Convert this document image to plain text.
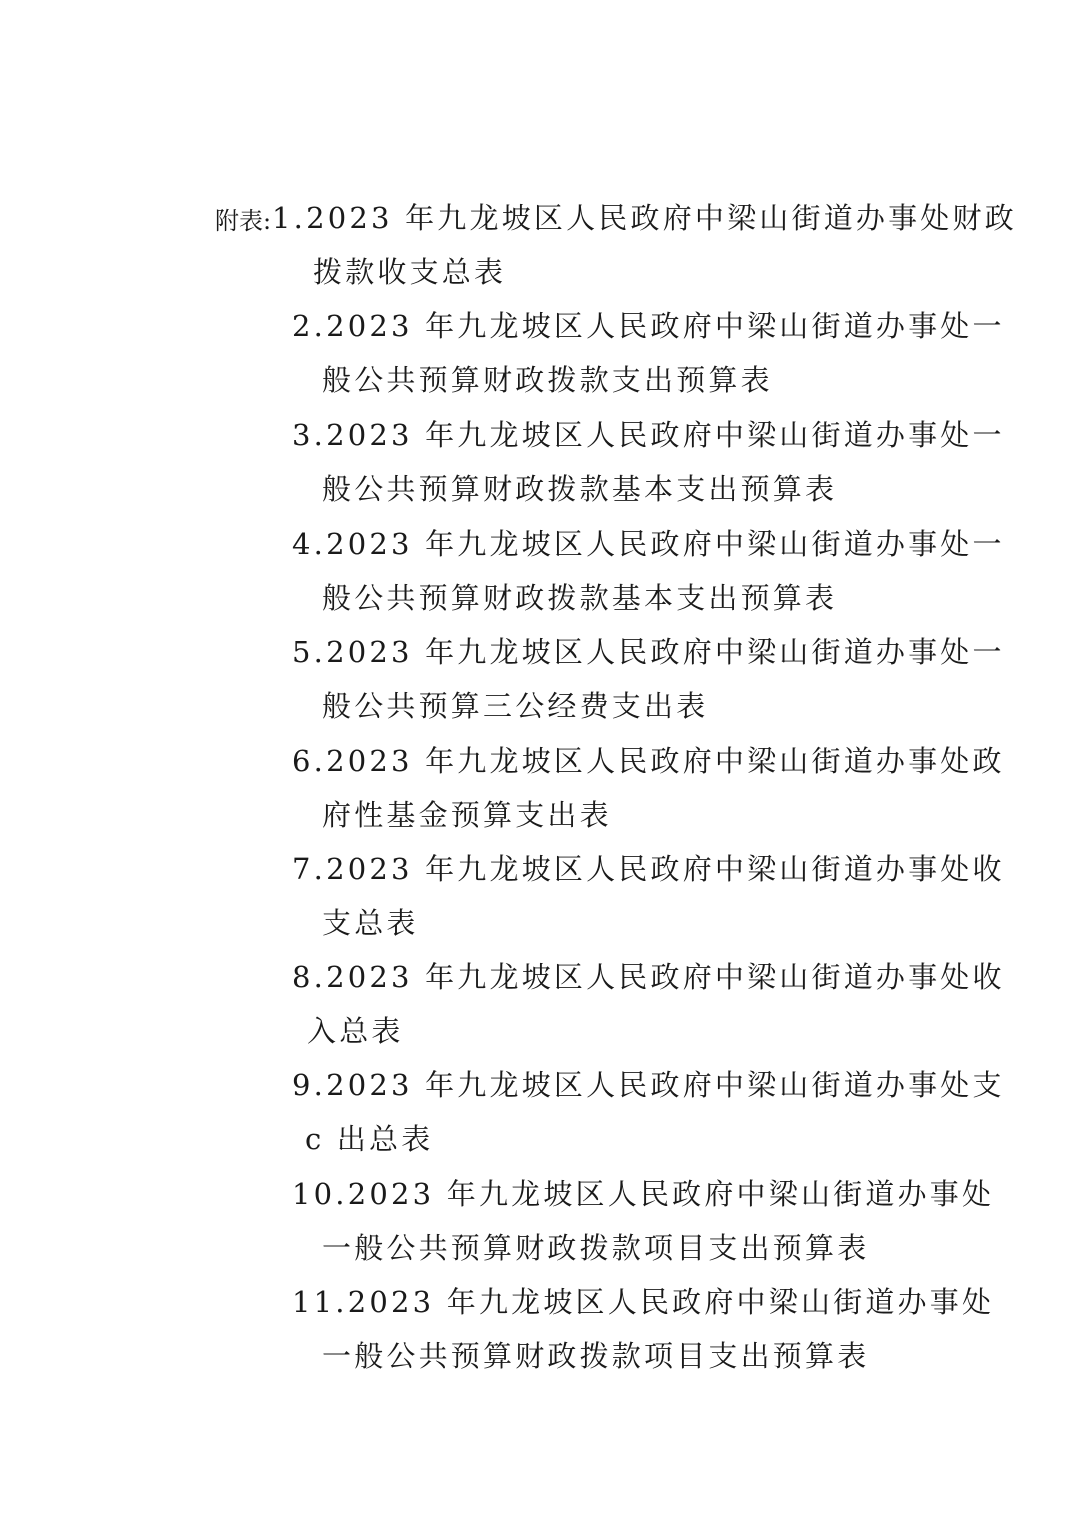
附表: 1.2023 年九龙坡区人民政府中梁山街道办事处财政
拨款收支总表
2.2023 年九龙坡区人民政府中梁山街道办事处一
般公共预算财政拨款支出预算表
3.2023 年九龙坡区人民政府中梁山街道办事处一
般公共预算财政拨款基本支出预算表
4.2023 年九龙坡区人民政府中梁山街道办事处一
般公共预算财政拨款基本支出预算表
5.2023 年九龙坡区人民政府中梁山街道办事处一
般公共预算三公经费支出表
6.2023 年九龙坡区人民政府中梁山街道办事处政
府性基金预算支出表
7.2023 年九龙坡区人民政府中梁山街道办事处收
支总表
8.2023 年九龙坡区人民政府中梁山街道办事处收
入总表
9.2023 年九龙坡区人民政府中梁山街道办事处支
c 出总表
10.2023 年九龙坡区人民政府中梁山街道办事处
一般公共预算财政拨款项目支出预算表
11.2023 年九龙坡区人民政府中梁山街道办事处
一般公共预算财政拨款项目支出预算表
